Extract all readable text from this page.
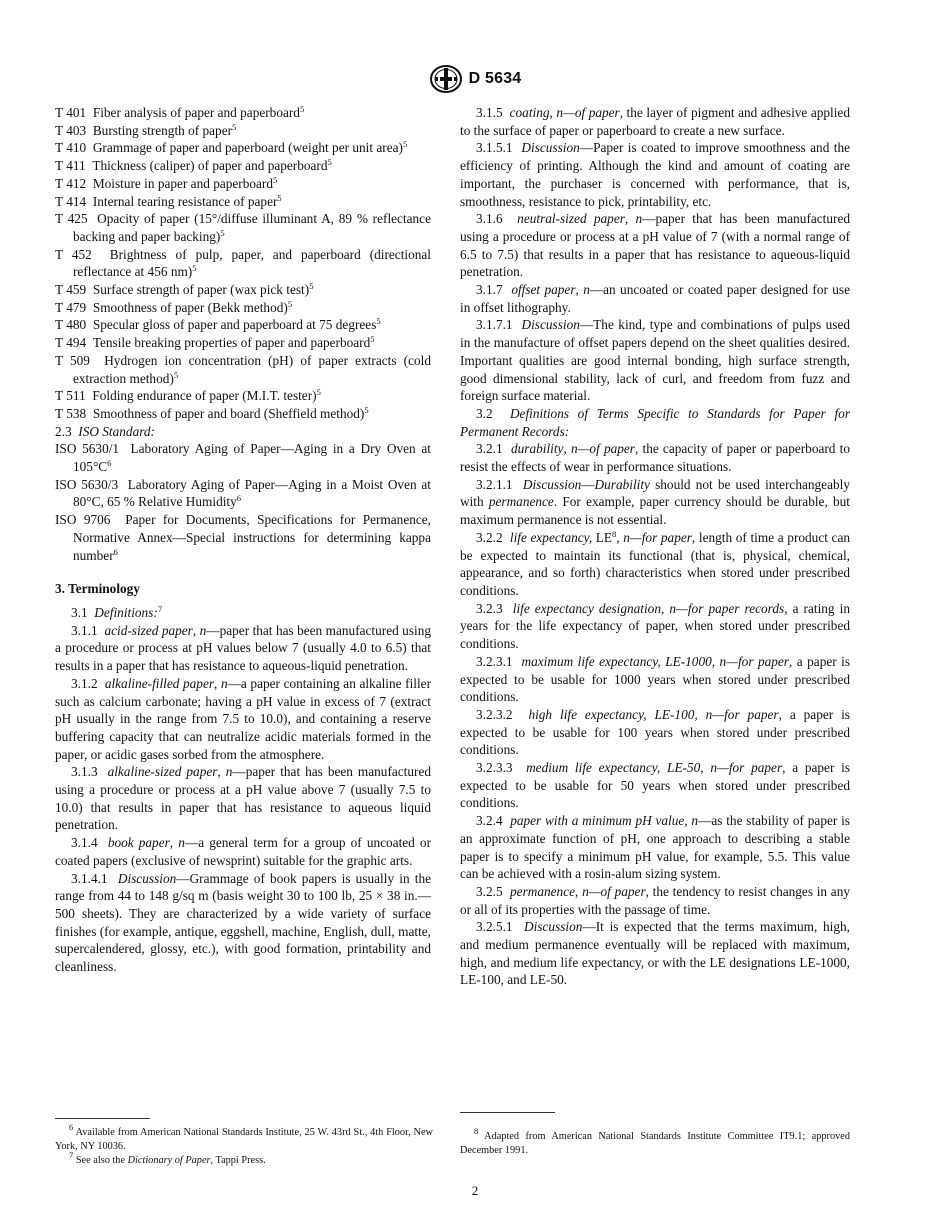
D 5634

T 401 Fiber analysis of paper and paperboard$^5$

T 403 Bursting strength of paper$^5$

T 410 Grammage of paper and paperboard (weight per unit area)$^5$

T 411 Thickness (caliper) of paper and paperboard$^5$

T 412 Moisture in paper and paperboard$^5$

T 414 Internal tearing resistance of paper$^5$

T 425 Opacity of paper (15°/diffuse illuminant A, 89 % reflectance backing and paper backing)$^5$

T 452 Brightness of pulp, paper, and paperboard (directional reflectance at 456 nm)$^5$

T 459 Surface strength of paper (wax pick test)$^5$

T 479 Smoothness of paper (Bekk method)$^5$

T 480 Specular gloss of paper and paperboard at 75 degrees$^5$

T 494 Tensile breaking properties of paper and paperboard$^5$

T 509 Hydrogen ion concentration (pH) of paper extracts (cold extraction method)$^5$

T 511 Folding endurance of paper (M.I.T. tester)$^5$

T 538 Smoothness of paper and board (Sheffield method)$^5$

2.3 ISO Standard:

ISO 5630/1 Laboratory Aging of Paper—Aging in a Dry Oven at $105^\circ C^6$

ISO 5630/3 Laboratory Aging of Paper—Aging in a Moist Oven at 80°C, 65 % Relative Humidity$^6$

ISO 9706 Paper for Documents, Specifications for Permanence, Normative Annex—Special instructions for determining kappa number$^6$

3. Terminology

3.1 Definitions:$^7$

3.1.1 acid-sized paper, n—paper that has been manufactured using a procedure or process at pH values below 7 (usually 4.0 to 6.5) that results in a paper that has resistance to aqueous-liquid penetration.

3.1.2 alkaline-filled paper, n—a paper containing an alkaline filler such as calcium carbonate; having a pH value in excess of 7 (extract pH usually in the range from 7.5 to 10.0), and containing a reserve buffering capacity that can neutralize acidic materials formed in the paper, or acidic gases sorbed from the atmosphere.

3.1.3 alkaline-sized paper, n—paper that has been manufactured using a procedure or process at a pH value above 7 (usually 7.5 to 10.0) that results in paper that has resistance to aqueous liquid penetration.

3.1.4 book paper, n—a general term for a group of uncoated or coated papers (exclusive of newsprint) suitable for the graphic arts.

3.1.4.1 Discussion—Grammage of book papers is usually in the range from 44 to 148 g/sq m (basis weight 30 to 100 lb, 25 × 38 in.—500 sheets). They are characterized by a wide variety of surface finishes (for example, antique, eggshell, machine, English, dull, matte, supercalendered, glossy, etc.), with good formation, printability and cleanliness.

3.1.5 coating, n—of paper, the layer of pigment and adhesive applied to the surface of paper or paperboard to create a new surface.

3.1.5.1 Discussion—Paper is coated to improve smoothness and the efficiency of printing. Although the kind and amount of coating are important, the purchaser is concerned with performance, that is, smoothness, resistance to pick, printability, etc.

3.1.6 neutral-sized paper, n—paper that has been manufactured using a procedure or process at a pH value of 7 (with a normal range of 6.5 to 7.5) that results in a paper that has resistance to aqueous-liquid penetration.

3.1.7 offset paper, n—an uncoated or coated paper designed for use in offset lithography.

3.1.7.1 Discussion—The kind, type and combinations of pulps used in the manufacture of offset papers depend on the sheet qualities desired. Important qualities are good internal bonding, high surface strength, good dimensional stability, lack of curl, and freedom from fuzz and foreign surface material.

3.2 Definitions of Terms Specific to Standards for Paper for Permanent Records:

3.2.1 durability, n—of paper, the capacity of paper or paperboard to resist the effects of wear in performance situations.

3.2.1.1 Discussion—Durability should not be used interchangeably with permanence. For example, paper currency should be durable, but maximum permanence is not essential.

3.2.2 life expectancy, $LE^8$, n—for paper, length of time a product can be expected to maintain its functional (that is, physical, chemical, appearance, and so forth) characteristics when stored under prescribed conditions.

3.2.3 life expectancy designation, n—for paper records, a rating in years for the life expectancy of paper, when stored under prescribed conditions.

3.2.3.1 maximum life expectancy, LE-1000, n—for paper, a paper is expected to be usable for 1000 years when stored under prescribed conditions.

3.2.3.2 high life expectancy, LE-100, n—for paper, a paper is expected to be usable for 100 years when stored under prescribed conditions.

3.2.3.3 medium life expectancy, LE-50, n—for paper, a paper is expected to be usable for 50 years when stored under prescribed conditions.

3.2.4 paper with a minimum pH value, n—as the stability of paper is an approximate function of pH, one approach to describing a stable paper is to specify a minimum pH value, for example, 5.5. This value can be achieved with a rosin-alum sizing system.

3.2.5 permanence, n—of paper, the tendency to resist changes in any or all of its properties with the passage of time.

3.2.5.1 Discussion—It is expected that the terms maximum, high, and medium permanence eventually will be replaced with maximum, high, and medium life expectancy, or with the LE designations LE-1000, LE-100, and LE-50.

$^6$ Available from American National Standards Institute, 25 W. 43rd St., 4th Floor, New York, NY 10036.

$^7$ See also the Dictionary of Paper, Tappi Press.

$^8$ Adapted from American National Standards Institute Committee IT9.1; approved December 1991.

2
